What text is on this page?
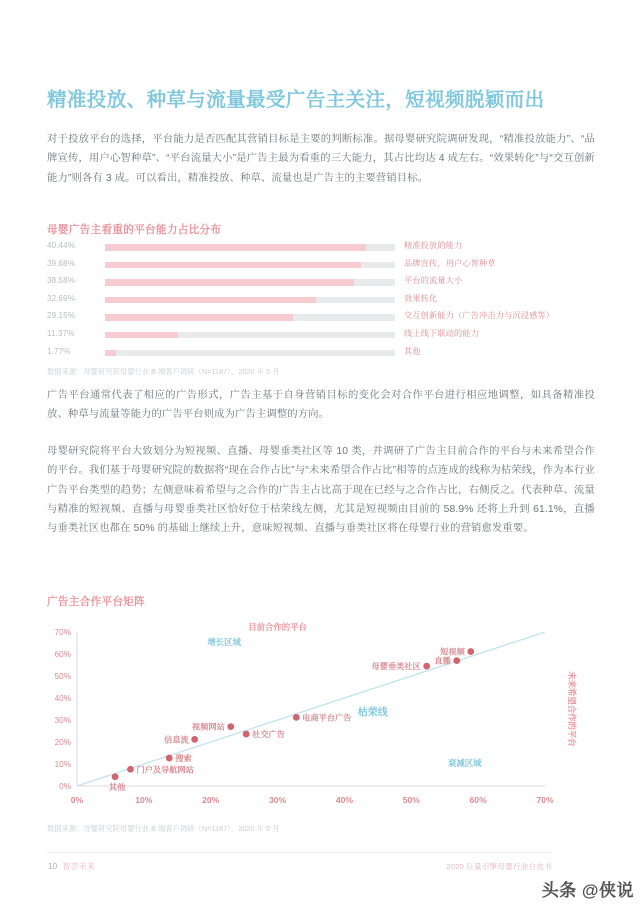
精准投放、种草与流量最受广告主关注，短视频脱颖而出

对于投放平台的选择，平台能力是否匹配其营销目标是主要的判断标准。据母婴研究院调研发现，“精准投放能力”、“品牌宣传，用户心智种草”、“平台流量大小”是广告主最为看重的三大能力，其占比均达 4 成左右。“效果转化”与“交互创新能力”则各有 3 成。可以看出，精准投放、种草、流量也是广告主的主要营销目标。

母婴广告主看重的平台能力占比分布
40.44%	精准投放的能力
39.68%	品牌宣传，用户心智种草
38.58%	平台的流量大小
32.69%	效果转化
29.15%	交互创新能力（广告冲击力与沉浸感等）
11.37%	线上线下联动的能力
1.77%	其他
数据来源：母婴研究院母婴行业 B 端客户调研（N=1187），2020 年 5 月

广告平台通常代表了相应的广告形式，广告主基于自身营销目标的变化会对合作平台进行相应地调整，如具备精准投放、种草与流量等能力的广告平台则成为广告主调整的方向。

母婴研究院将平台大致划分为短视频、直播、母婴垂类社区等 10 类，并调研了广告主目前合作的平台与未来希望合作的平台。我们基于母婴研究院的数据将“现在合作占比”与“未来希望合作占比”相等的点连成的线称为枯荣线，作为本行业广告平台类型的趋势；左侧意味着希望与之合作的广告主占比高于现在已经与之合作占比，右侧反之。代表种草、流量与精准的短视频、直播与母婴垂类社区恰好位于枯荣线左侧，尤其是短视频由目前的 58.9% 还将上升到 61.1%，直播与垂类社区也都在 50% 的基础上继续上升，意味短视频、直播与垂类社区将在母婴行业的营销愈发重要。

广告主合作平台矩阵
0%
10%
20%
30%
40%
50%
60%
70%
0%	10%	20%	30%	40%	50%	60%	70%
枯荣线
增长区域
衰减区域
目前合作的平台
未来希望合作的平台
其他
门户及导航网站
搜索
信息流
视频网站
社交广告
电商平台广告
母婴垂类社区
直播
短视频
数据来源：母婴研究院母婴行业 B 端客户调研（N=1187），2020 年 5 月
10 智荟未来	2020 巨量引擎母婴行业白皮书
头条 @侠说
